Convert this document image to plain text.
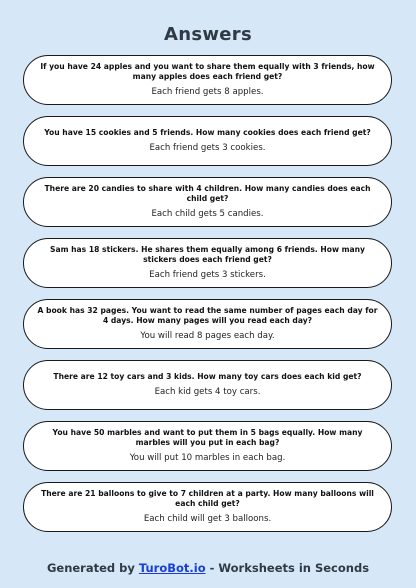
Answers
If you have 24 apples and you want to share them equally with 3 friends, how many apples does each friend get?
Each friend gets 8 apples.
You have 15 cookies and 5 friends. How many cookies does each friend get?
Each friend gets 3 cookies.
There are 20 candies to share with 4 children. How many candies does each child get?
Each child gets 5 candies.
Sam has 18 stickers. He shares them equally among 6 friends. How many stickers does each friend get?
Each friend gets 3 stickers.
A book has 32 pages. You want to read the same number of pages each day for 4 days. How many pages will you read each day?
You will read 8 pages each day.
There are 12 toy cars and 3 kids. How many toy cars does each kid get?
Each kid gets 4 toy cars.
You have 50 marbles and want to put them in 5 bags equally. How many marbles will you put in each bag?
You will put 10 marbles in each bag.
There are 21 balloons to give to 7 children at a party. How many balloons will each child get?
Each child will get 3 balloons.
Generated by TuroBot.io - Worksheets in Seconds
